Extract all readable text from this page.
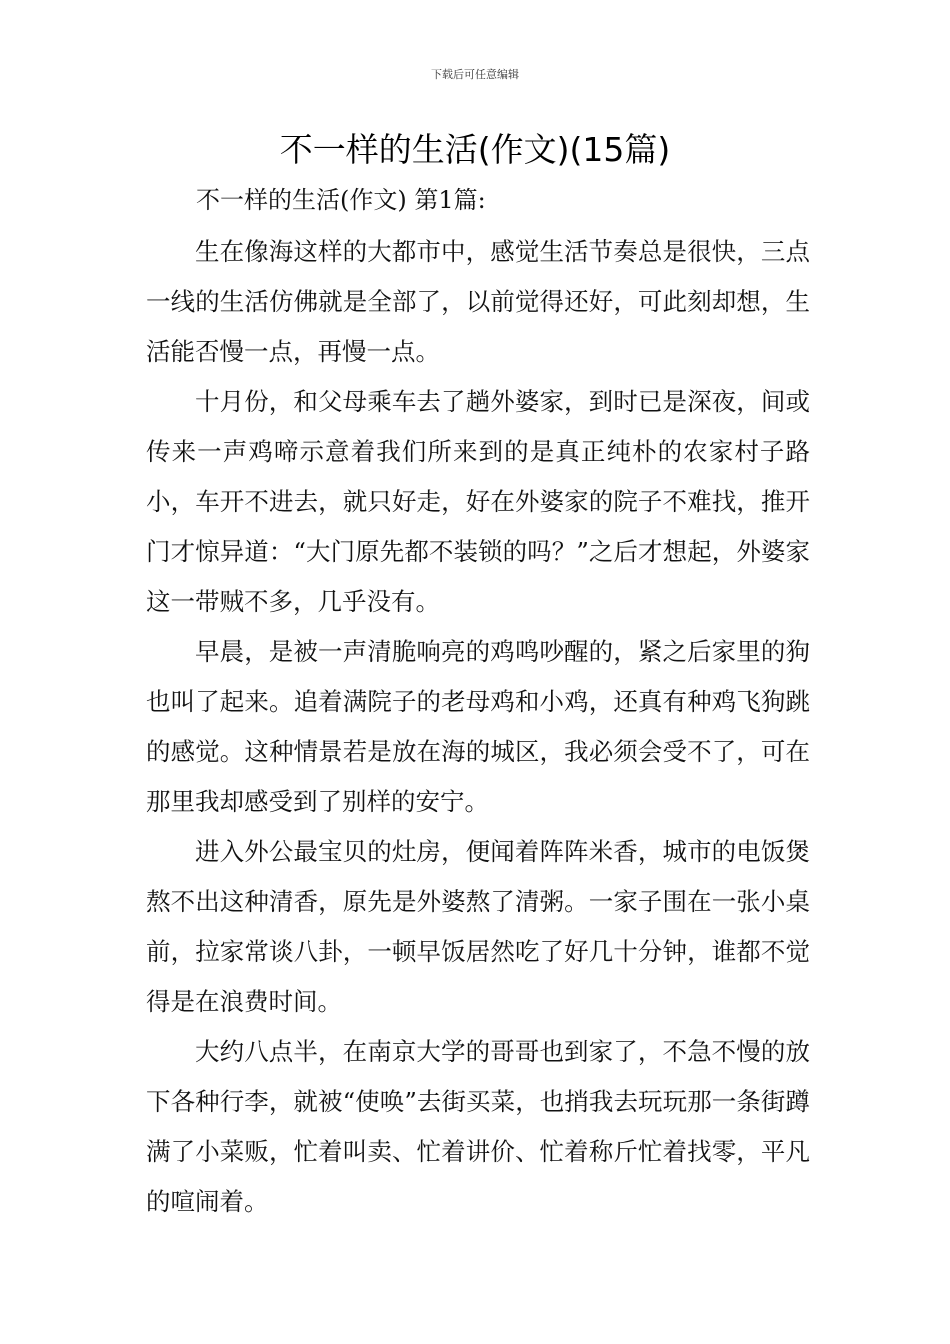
下载后可任意编辑
不一样的生活(作文)(15篇)
不一样的生活(作文) 第1篇:

生在像海这样的大都市中，感觉生活节奏总是很快，三点一线的生活仿佛就是全部了，以前觉得还好，可此刻却想，生活能否慢一点，再慢一点。

十月份，和父母乘车去了趟外婆家，到时已是深夜，间或传来一声鸡啼示意着我们所来到的是真正纯朴的农家村子路小，车开不进去，就只好走，好在外婆家的院子不难找，推开门才惊异道：“大门原先都不装锁的吗？”之后才想起，外婆家这一带贼不多，几乎没有。

早晨，是被一声清脆响亮的鸡鸣吵醒的，紧之后家里的狗也叫了起来。追着满院子的老母鸡和小鸡，还真有种鸡飞狗跳的感觉。这种情景若是放在海的城区，我必须会受不了，可在那里我却感受到了别样的安宁。

进入外公最宝贝的灶房，便闻着阵阵米香，城市的电饭煲熬不出这种清香，原先是外婆熬了清粥。一家子围在一张小桌前，拉家常谈八卦，一顿早饭居然吃了好几十分钟，谁都不觉得是在浪费时间。

大约八点半，在南京大学的哥哥也到家了，不急不慢的放下各种行李，就被“使唤”去街买菜，也捎我去玩玩那一条街蹲满了小菜贩，忙着叫卖、忙着讲价、忙着称斤忙着找零，平凡的喧闹着。
